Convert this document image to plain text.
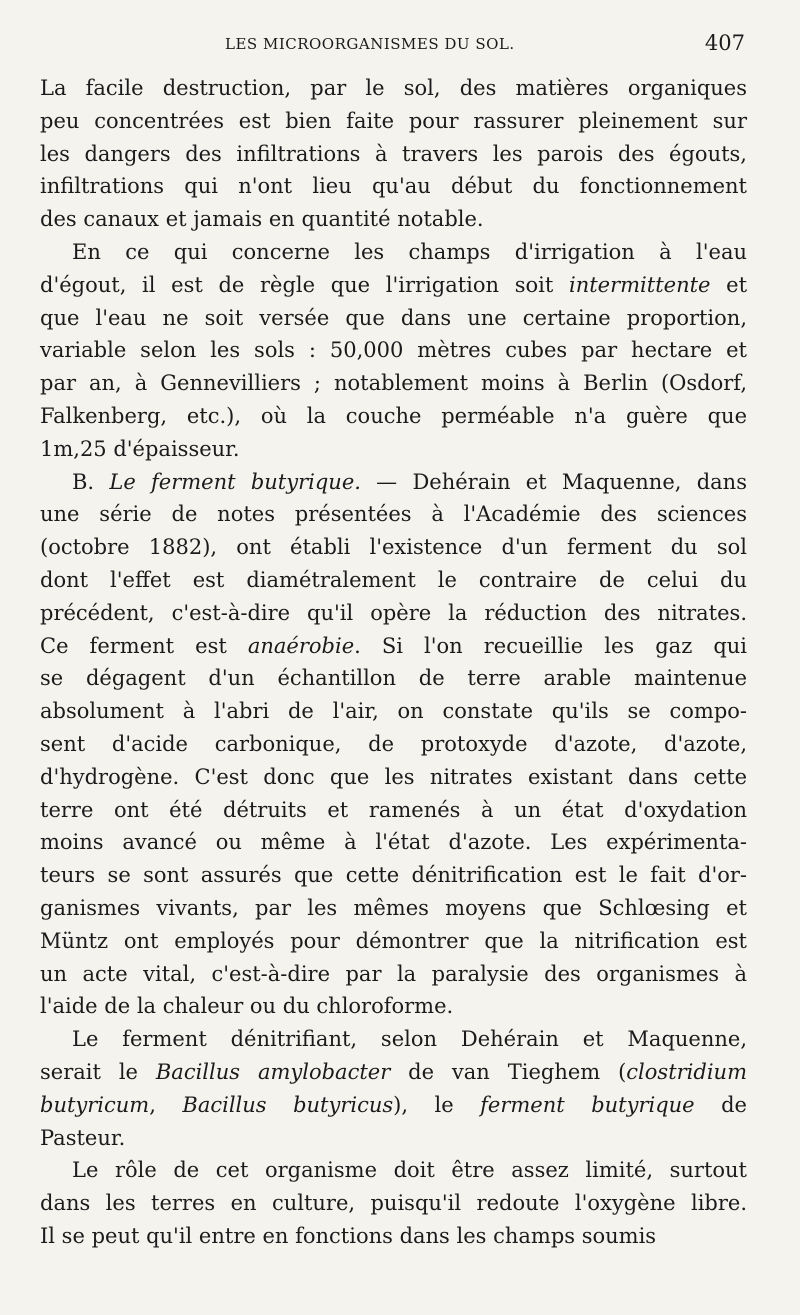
LES MICROORGANISMES DU SOL.	407
La facile destruction, par le sol, des matières organiques
peu concentrées est bien faite pour rassurer pleinement sur
les dangers des infiltrations à travers les parois des égouts,
infiltrations qui n'ont lieu qu'au début du fonctionnement
des canaux et jamais en quantité notable.
En ce qui concerne les champs d'irrigation à l'eau
d'égout, il est de règle que l'irrigation soit intermittente et
que l'eau ne soit versée que dans une certaine proportion,
variable selon les sols : 50,000 mètres cubes par hectare et
par an, à Gennevilliers ; notablement moins à Berlin (Osdorf,
Falkenberg, etc.), où la couche perméable n'a guère que
1m,25 d'épaisseur.
B. Le ferment butyrique. — Dehérain et Maquenne, dans
une série de notes présentées à l'Académie des sciences
(octobre 1882), ont établi l'existence d'un ferment du sol
dont l'effet est diamétralement le contraire de celui du
précédent, c'est-à-dire qu'il opère la réduction des nitrates.
Ce ferment est anaérobie. Si l'on recueillie les gaz qui
se dégagent d'un échantillon de terre arable maintenue
absolument à l'abri de l'air, on constate qu'ils se compo-
sent d'acide carbonique, de protoxyde d'azote, d'azote,
d'hydrogène. C'est donc que les nitrates existant dans cette
terre ont été détruits et ramenés à un état d'oxydation
moins avancé ou même à l'état d'azote. Les expérimenta-
teurs se sont assurés que cette dénitrification est le fait d'or-
ganismes vivants, par les mêmes moyens que Schlœsing et
Müntz ont employés pour démontrer que la nitrification est
un acte vital, c'est-à-dire par la paralysie des organismes à
l'aide de la chaleur ou du chloroforme.
Le ferment dénitrifiant, selon Dehérain et Maquenne,
serait le Bacillus amylobacter de van Tieghem (clostridium
butyricum, Bacillus butyricus), le ferment butyrique de
Pasteur.
Le rôle de cet organisme doit être assez limité, surtout
dans les terres en culture, puisqu'il redoute l'oxygène libre.
Il se peut qu'il entre en fonctions dans les champs soumis
